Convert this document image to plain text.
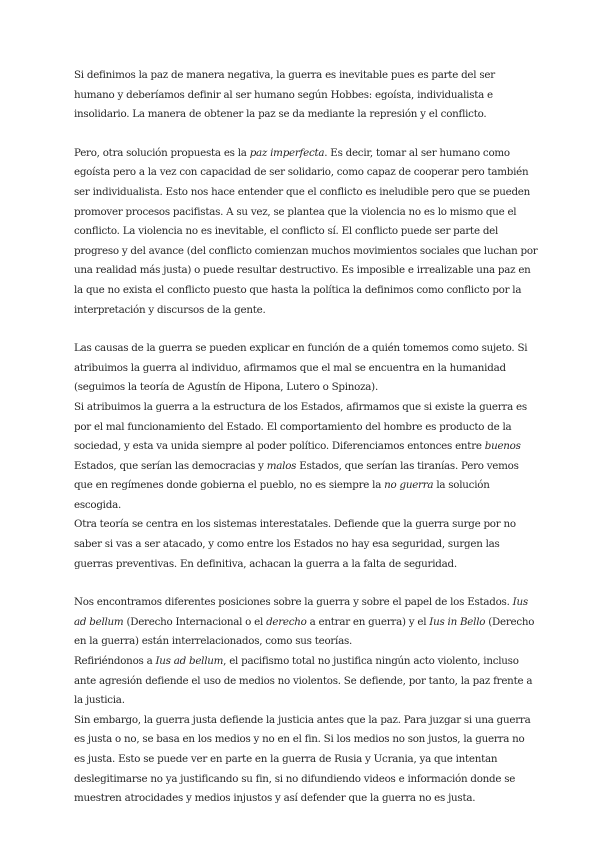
Si definimos la paz de manera negativa, la guerra es inevitable pues es parte del ser humano y deberíamos definir al ser humano según Hobbes: egoísta, individualista e insolidario. La manera de obtener la paz se da mediante la represión y el conflicto.

Pero, otra solución propuesta es la paz imperfecta. Es decir, tomar al ser humano como egoísta pero a la vez con capacidad de ser solidario, como capaz de cooperar pero también ser individualista. Esto nos hace entender que el conflicto es ineludible pero que se pueden promover procesos pacifistas. A su vez, se plantea que la violencia no es lo mismo que el conflicto. La violencia no es inevitable, el conflicto sí. El conflicto puede ser parte del progreso y del avance (del conflicto comienzan muchos movimientos sociales que luchan por una realidad más justa) o puede resultar destructivo. Es imposible e irrealizable una paz en la que no exista el conflicto puesto que hasta la política la definimos como conflicto por la interpretación y discursos de la gente.

Las causas de la guerra se pueden explicar en función de a quién tomemos como sujeto. Si atribuimos la guerra al individuo, afirmamos que el mal se encuentra en la humanidad (seguimos la teoría de Agustín de Hipona, Lutero o Spinoza).

Si atribuimos la guerra a la estructura de los Estados, afirmamos que si existe la guerra es por el mal funcionamiento del Estado. El comportamiento del hombre es producto de la sociedad, y esta va unida siempre al poder político. Diferenciamos entonces entre buenos Estados, que serían las democracias y malos Estados, que serían las tiranías. Pero vemos que en regímenes donde gobierna el pueblo, no es siempre la no guerra la solución escogida.

Otra teoría se centra en los sistemas interestatales. Defiende que la guerra surge por no saber si vas a ser atacado, y como entre los Estados no hay esa seguridad, surgen las guerras preventivas. En definitiva, achacan la guerra a la falta de seguridad.

Nos encontramos diferentes posiciones sobre la guerra y sobre el papel de los Estados. Ius ad bellum (Derecho Internacional o el derecho a entrar en guerra) y el Ius in Bello (Derecho en la guerra) están interrelacionados, como sus teorías.

Refiriéndonos a Ius ad bellum, el pacifismo total no justifica ningún acto violento, incluso ante agresión defiende el uso de medios no violentos. Se defiende, por tanto, la paz frente a la justicia.

Sin embargo, la guerra justa defiende la justicia antes que la paz. Para juzgar si una guerra es justa o no, se basa en los medios y no en el fin. Si los medios no son justos, la guerra no es justa. Esto se puede ver en parte en la guerra de Rusia y Ucrania, ya que intentan deslegitimarse no ya justificando su fin, si no difundiendo videos e información donde se muestren atrocidades y medios injustos y así defender que la guerra no es justa.
